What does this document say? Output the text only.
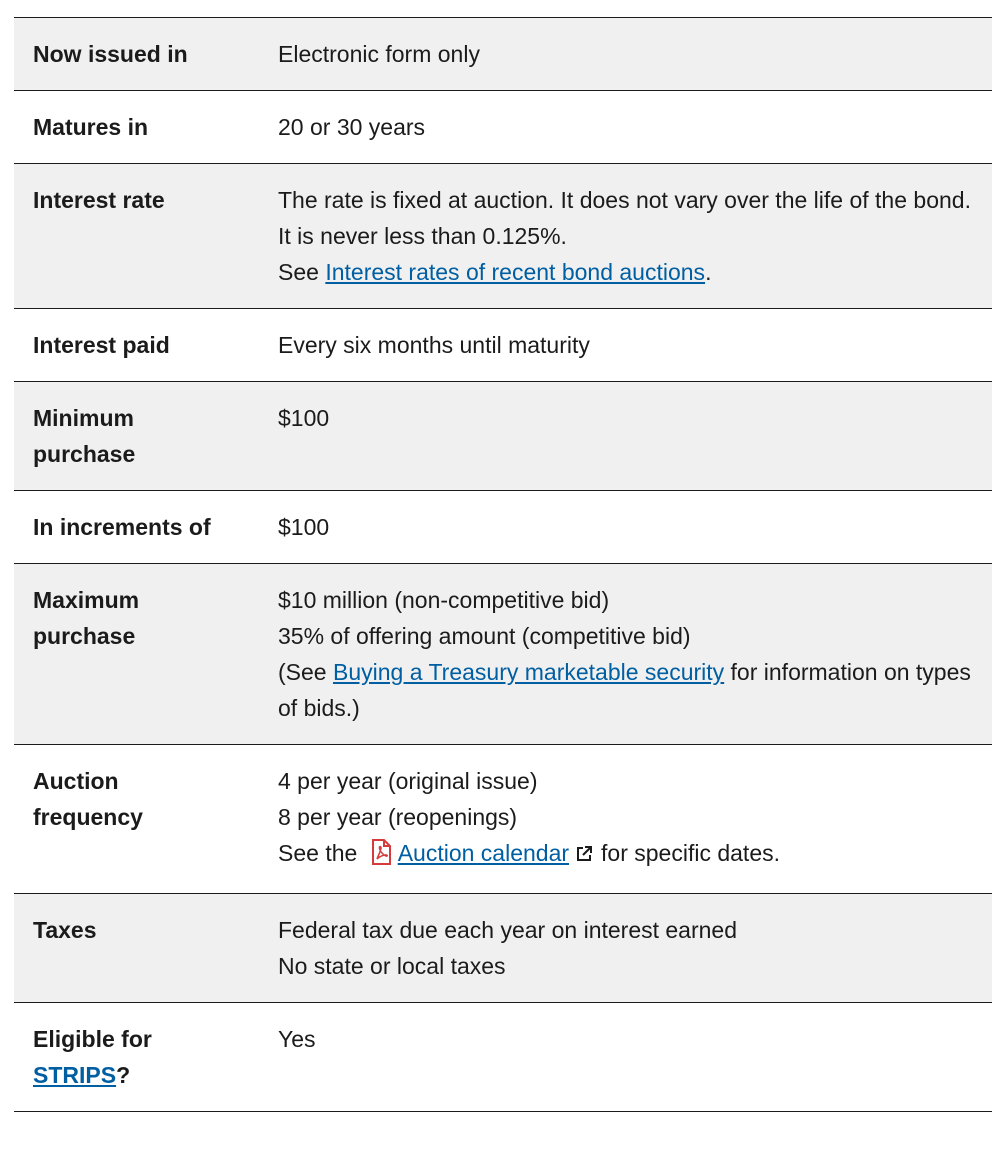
Now issued in	Electronic form only

Matures in	20 or 30 years

Interest rate	The rate is fixed at auction. It does not vary over the life of the bond.
It is never less than 0.125%.
See Interest rates of recent bond auctions.

Interest paid	Every six months until maturity

Minimum purchase	$100

In increments of	$100

Maximum purchase	$10 million (non-competitive bid)
35% of offering amount (competitive bid)
(See Buying a Treasury marketable security for information on types of bids.)

Auction frequency	4 per year (original issue)
8 per year (reopenings)
See the Auction calendar for specific dates.

Taxes	Federal tax due each year on interest earned
No state or local taxes

Eligible for STRIPS?	Yes
